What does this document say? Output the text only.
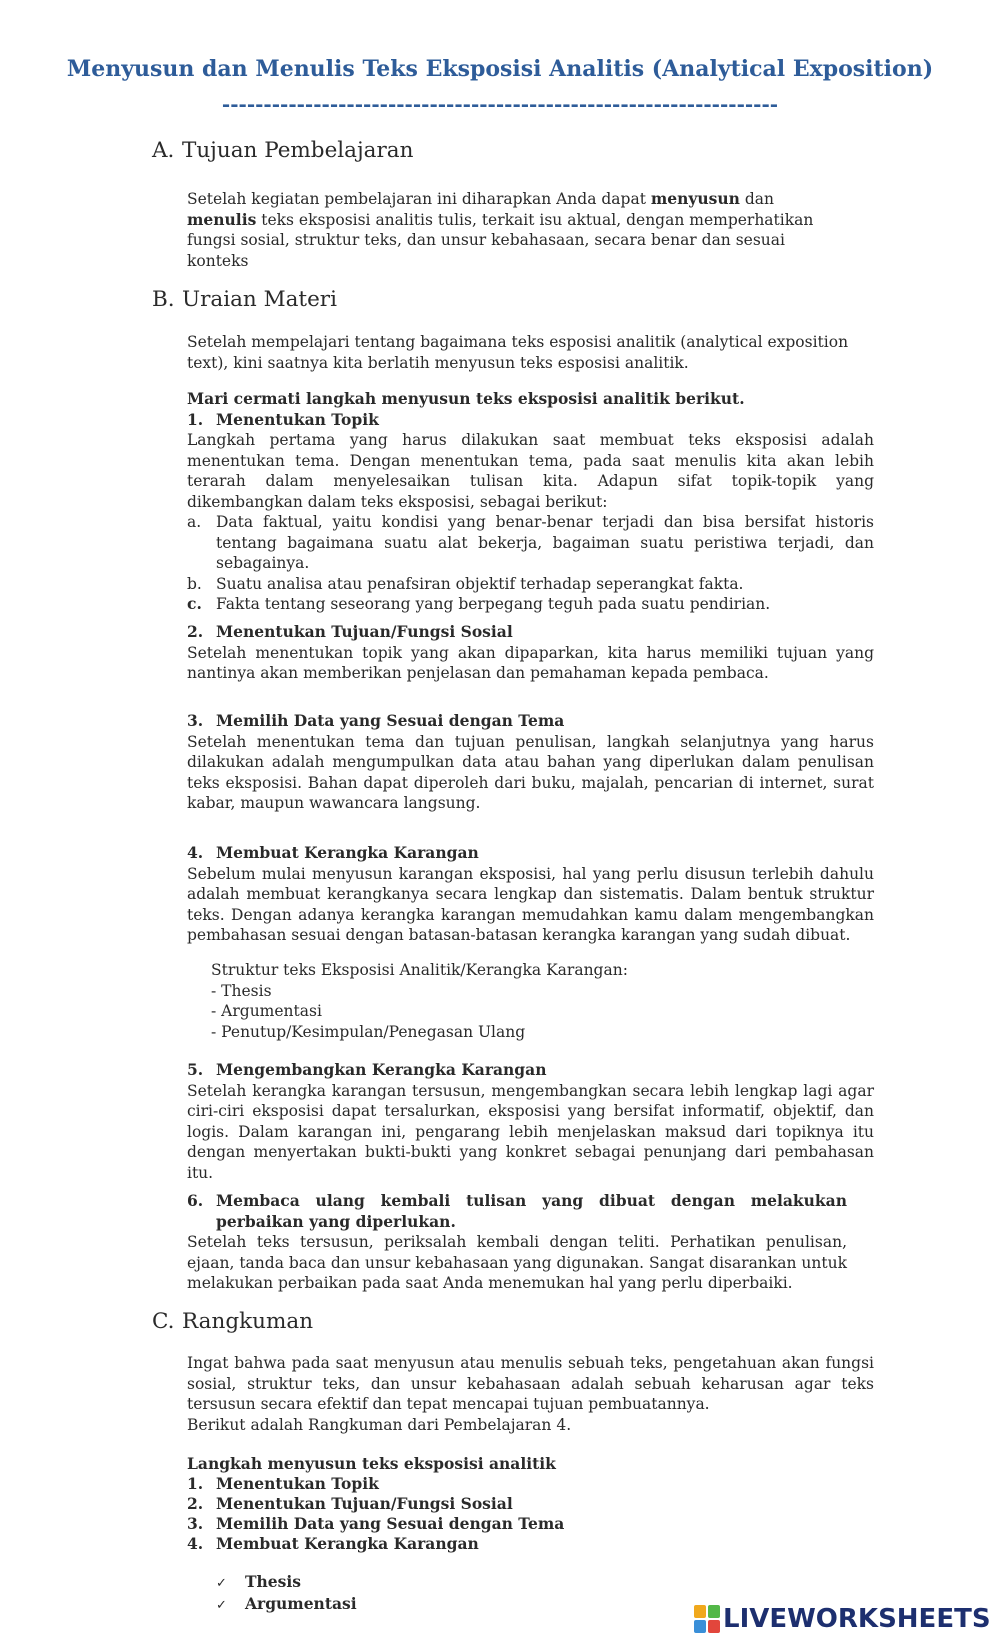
Menyusun dan Menulis Teks Eksposisi Analitis (Analytical Exposition)
-------------------------------------------------------------------
A. Tujuan Pembelajaran

Setelah kegiatan pembelajaran ini diharapkan Anda dapat menyusun dan menulis teks eksposisi analitis tulis, terkait isu aktual, dengan memperhatikan fungsi sosial, struktur teks, dan unsur kebahasaan, secara benar dan sesuai konteks

B. Uraian Materi

Setelah mempelajari tentang bagaimana teks esposisi analitik (analytical exposition text), kini saatnya kita berlatih menyusun teks esposisi analitik.

Mari cermati langkah menyusun teks eksposisi analitik berikut.

1. Menentukan Topik

Langkah pertama yang harus dilakukan saat membuat teks eksposisi adalah menentukan tema. Dengan menentukan tema, pada saat menulis kita akan lebih terarah dalam menyelesaikan tulisan kita. Adapun sifat topik-topik yang dikembangkan dalam teks eksposisi, sebagai berikut:

a. Data faktual, yaitu kondisi yang benar-benar terjadi dan bisa bersifat historis tentang bagaimana suatu alat bekerja, bagaiman suatu peristiwa terjadi, dan sebagainya.
b. Suatu analisa atau penafsiran objektif terhadap seperangkat fakta.
c. Fakta tentang seseorang yang berpegang teguh pada suatu pendirian.
2. Menentukan Tujuan/Fungsi Sosial

Setelah menentukan topik yang akan dipaparkan, kita harus memiliki tujuan yang nantinya akan memberikan penjelasan dan pemahaman kepada pembaca.

3. Memilih Data yang Sesuai dengan Tema

Setelah menentukan tema dan tujuan penulisan, langkah selanjutnya yang harus dilakukan adalah mengumpulkan data atau bahan yang diperlukan dalam penulisan teks eksposisi. Bahan dapat diperoleh dari buku, majalah, pencarian di internet, surat kabar, maupun wawancara langsung.

4. Membuat Kerangka Karangan

Sebelum mulai menyusun karangan eksposisi, hal yang perlu disusun terlebih dahulu adalah membuat kerangkanya secara lengkap dan sistematis. Dalam bentuk struktur teks. Dengan adanya kerangka karangan memudahkan kamu dalam mengembangkan pembahasan sesuai dengan batasan-batasan kerangka karangan yang sudah dibuat.

Struktur teks Eksposisi Analitik/Kerangka Karangan:
- Thesis
- Argumentasi
- Penutup/Kesimpulan/Penegasan Ulang
5. Mengembangkan Kerangka Karangan

Setelah kerangka karangan tersusun, mengembangkan secara lebih lengkap lagi agar ciri-ciri eksposisi dapat tersalurkan, eksposisi yang bersifat informatif, objektif, dan logis. Dalam karangan ini, pengarang lebih menjelaskan maksud dari topiknya itu dengan menyertakan bukti-bukti yang konkret sebagai penunjang dari pembahasan itu.

6. Membaca ulang kembali tulisan yang dibuat dengan melakukan perbaikan yang diperlukan.

Setelah teks tersusun, periksalah kembali dengan teliti. Perhatikan penulisan, ejaan, tanda baca dan unsur kebahasaan yang digunakan. Sangat disarankan untuk melakukan perbaikan pada saat Anda menemukan hal yang perlu diperbaiki.

C. Rangkuman

Ingat bahwa pada saat menyusun atau menulis sebuah teks, pengetahuan akan fungsi sosial, struktur teks, dan unsur kebahasaan adalah sebuah keharusan agar teks tersusun secara efektif dan tepat mencapai tujuan pembuatannya.

Berikut adalah Rangkuman dari Pembelajaran 4.

Langkah menyusun teks eksposisi analitik
1. Menentukan Topik
2. Menentukan Tujuan/Fungsi Sosial
3. Memilih Data yang Sesuai dengan Tema
4. Membuat Kerangka Karangan
✓ Thesis
✓ Argumentasi
LIVEWORKSHEETS
